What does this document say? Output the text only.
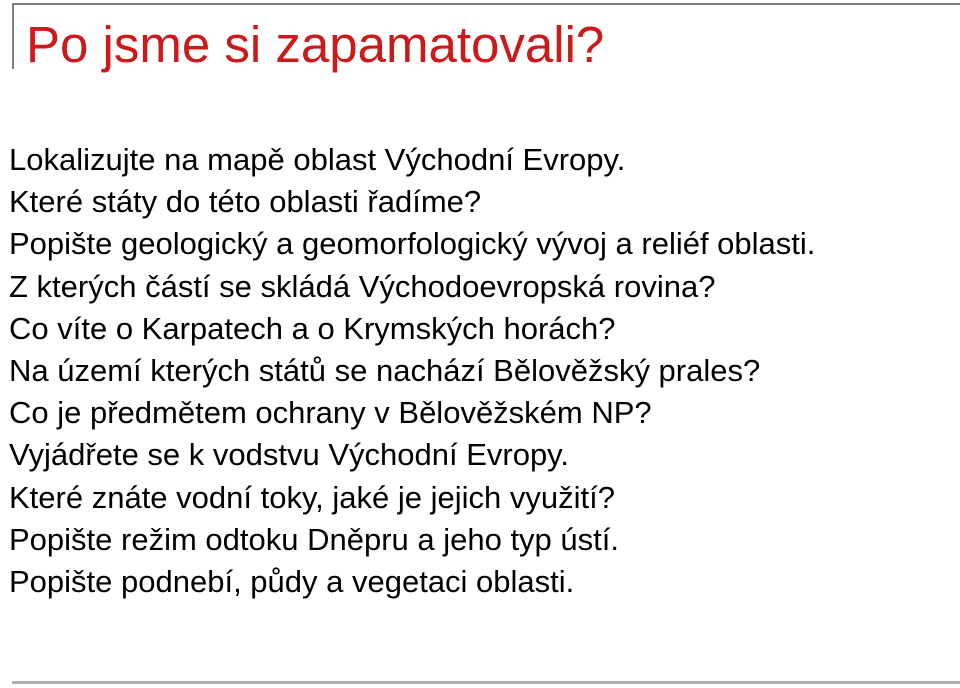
Po jsme si zapamatovali?
Lokalizujte na mapě oblast Východní Evropy.
Které státy do této oblasti řadíme?
Popište geologický a geomorfologický vývoj a reliéf oblasti.
Z kterých částí se skládá Východoevropská rovina?
Co víte o Karpatech a o Krymských horách?
Na území kterých států se nachází Bělověžský prales?
Co je předmětem ochrany v Bělověžském NP?
Vyjádřete se k vodstvu Východní Evropy.
Které znáte vodní toky, jaké je jejich využití?
Popište režim odtoku Dněpru a jeho typ ústí.
Popište podnebí, půdy a vegetaci oblasti.
